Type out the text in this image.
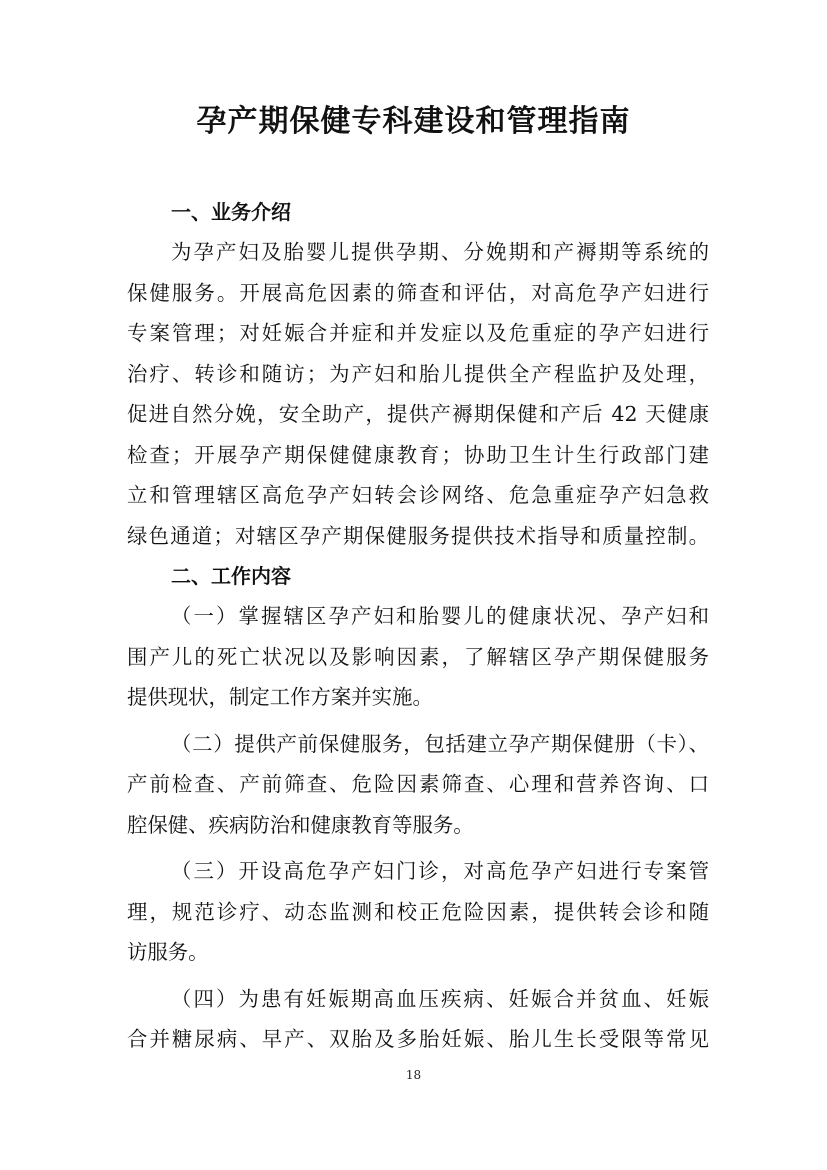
孕产期保健专科建设和管理指南
一、业务介绍
为孕产妇及胎婴儿提供孕期、分娩期和产褥期等系统的
保健服务。开展高危因素的筛查和评估，对高危孕产妇进行
专案管理；对妊娠合并症和并发症以及危重症的孕产妇进行
治疗、转诊和随访；为产妇和胎儿提供全产程监护及处理，
促进自然分娩，安全助产，提供产褥期保健和产后 42 天健康
检查；开展孕产期保健健康教育；协助卫生计生行政部门建
立和管理辖区高危孕产妇转会诊网络、危急重症孕产妇急救
绿色通道；对辖区孕产期保健服务提供技术指导和质量控制。
二、工作内容
（一）掌握辖区孕产妇和胎婴儿的健康状况、孕产妇和
围产儿的死亡状况以及影响因素，了解辖区孕产期保健服务
提供现状，制定工作方案并实施。
（二）提供产前保健服务，包括建立孕产期保健册（卡）、
产前检查、产前筛查、危险因素筛查、心理和营养咨询、口
腔保健、疾病防治和健康教育等服务。
（三）开设高危孕产妇门诊，对高危孕产妇进行专案管
理，规范诊疗、动态监测和校正危险因素，提供转会诊和随
访服务。
（四）为患有妊娠期高血压疾病、妊娠合并贫血、妊娠
合并糖尿病、早产、双胎及多胎妊娠、胎儿生长受限等常见
18
